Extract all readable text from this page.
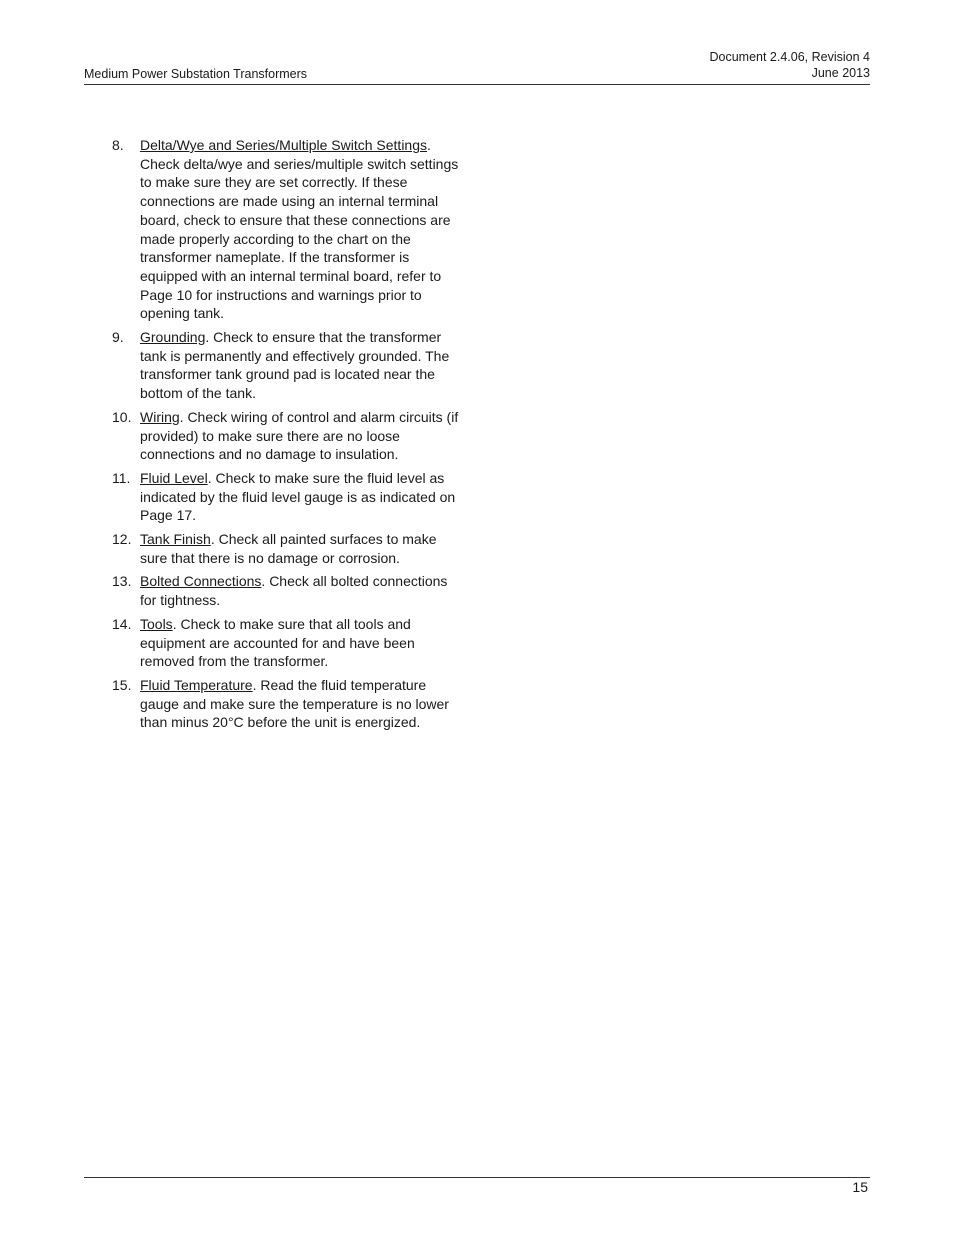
Medium Power Substation Transformers
Document 2.4.06, Revision 4
June 2013
8.	Delta/Wye and Series/Multiple Switch Settings. Check delta/wye and series/multiple switch settings to make sure they are set correctly. If these connections are made using an internal terminal board, check to ensure that these connections are made properly according to the chart on the transformer nameplate. If the transformer is equipped with an internal terminal board, refer to Page 10 for instructions and warnings prior to opening tank.
9.	Grounding. Check to ensure that the transformer tank is permanently and effectively grounded. The transformer tank ground pad is located near the bottom of the tank.
10. Wiring. Check wiring of control and alarm circuits (if provided) to make sure there are no loose connections and no damage to insulation.
11. Fluid Level. Check to make sure the fluid level as indicated by the fluid level gauge is as indicated on Page 17.
12. Tank Finish. Check all painted surfaces to make sure that there is no damage or corrosion.
13. Bolted Connections. Check all bolted connections for tightness.
14. Tools. Check to make sure that all tools and equipment are accounted for and have been removed from the transformer.
15. Fluid Temperature. Read the fluid temperature gauge and make sure the temperature is no lower than minus 20°C before the unit is energized.
15
